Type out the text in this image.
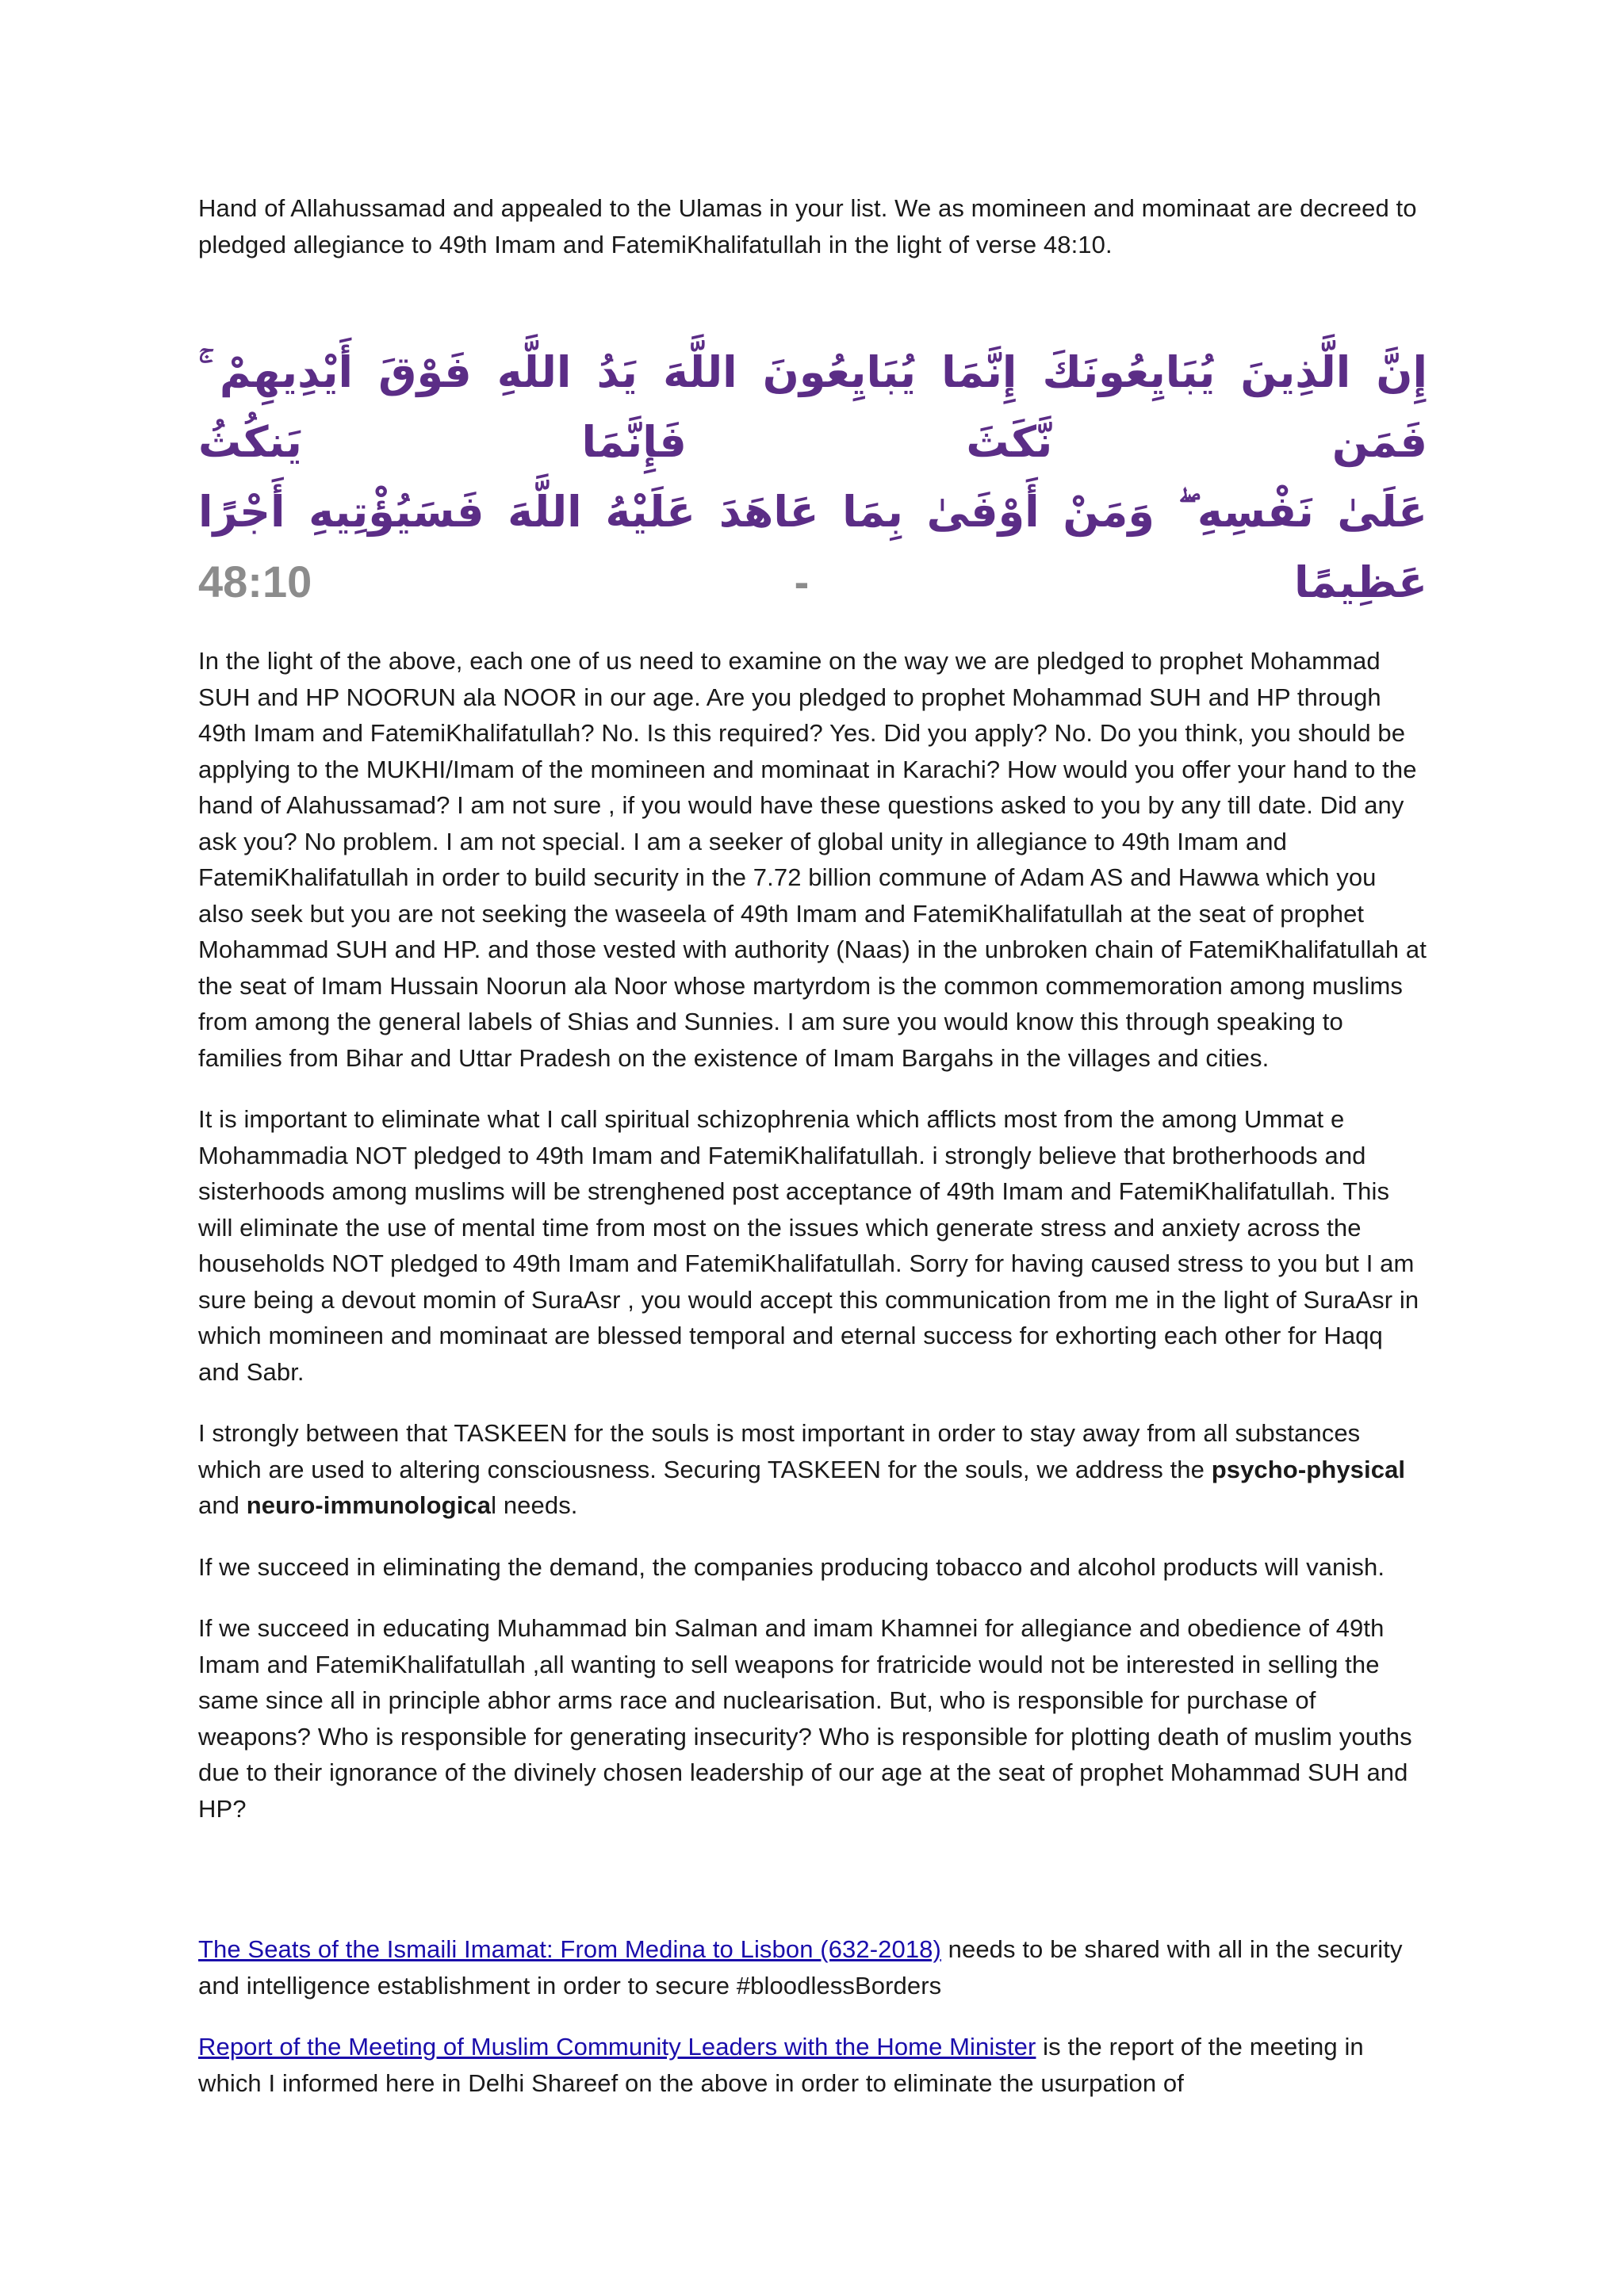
Hand of Allahussamad and appealed to the Ulamas in your list. We as momineen and mominaat are decreed to pledged allegiance to 49th Imam and FatemiKhalifatullah in the light of verse 48:10.

إِنَّ الَّذِينَ يُبَايِعُونَكَ إِنَّمَا يُبَايِعُونَ اللَّهَ يَدُ اللَّهِ فَوْقَ أَيْدِيهِمْ ۚ فَمَن نَّكَثَ فَإِنَّمَا يَنكُثُ
عَلَىٰ نَفْسِهِ ۖ وَمَنْ أَوْفَىٰ بِمَا عَاهَدَ عَلَيْهُ اللَّهَ فَسَيُؤْتِيهِ أَجْرًا عَظِيمًا 48:10 -

In the light of the above, each one of us need to examine on the way we are pledged to prophet Mohammad SUH and HP NOORUN ala NOOR in our age. Are you pledged to prophet Mohammad SUH and HP through 49th Imam and FatemiKhalifatullah? No. Is this required? Yes. Did you apply? No. Do you think, you should be applying to the MUKHI/Imam of the momineen and mominaat in Karachi? How would you offer your hand to the hand of Alahussamad? I am not sure , if you would have these questions asked to you by any till date. Did any ask you? No problem. I am not special. I am a seeker of global unity in allegiance to 49th Imam and FatemiKhalifatullah in order to build security in the 7.72 billion commune of Adam AS and Hawwa which you also seek but you are not seeking the waseela of 49th Imam and FatemiKhalifatullah at the seat of prophet Mohammad SUH and HP. and those vested with authority (Naas) in the unbroken chain of FatemiKhalifatullah at the seat of Imam Hussain Noorun ala Noor whose martyrdom is the common commemoration among muslims from among the general labels of Shias and Sunnies. I am sure you would know this through speaking to families from Bihar and Uttar Pradesh on the existence of Imam Bargahs in the villages and cities.

It is important to eliminate what I call spiritual schizophrenia which afflicts most from the among Ummat e Mohammadia NOT pledged to 49th Imam and FatemiKhalifatullah. i strongly believe that brotherhoods and sisterhoods among muslims will be strenghened post acceptance of 49th Imam and FatemiKhalifatullah. This will eliminate the use of mental time from most on the issues which generate stress and anxiety across the households NOT pledged to 49th Imam and FatemiKhalifatullah. Sorry for having caused stress to you but I am sure being a devout momin of SuraAsr , you would accept this communication from me in the light of SuraAsr in which momineen and mominaat are blessed temporal and eternal success for exhorting each other for Haqq and Sabr.

I strongly between that TASKEEN for the souls is most important in order to stay away from all substances which are used to altering consciousness. Securing TASKEEN for the souls, we address the psycho-physical and neuro-immunological needs.

If we succeed in eliminating the demand, the companies producing tobacco and alcohol products will vanish.

If we succeed in educating Muhammad bin Salman and imam Khamnei for allegiance and obedience of 49th Imam and FatemiKhalifatullah ,all wanting to sell weapons for fratricide would not be interested in selling the same since all in principle abhor arms race and nuclearisation. But, who is responsible for purchase of weapons? Who is responsible for generating insecurity? Who is responsible for plotting death of muslim youths due to their ignorance of the divinely chosen leadership of our age at the seat of prophet Mohammad SUH and HP?

The Seats of the Ismaili Imamat: From Medina to Lisbon (632-2018) needs to be shared with all in the security and intelligence establishment in order to secure #bloodlessBorders

Report of the Meeting of Muslim Community Leaders with the Home Minister is the report of the meeting in which I informed here in Delhi Shareef on the above in order to eliminate the usurpation of
